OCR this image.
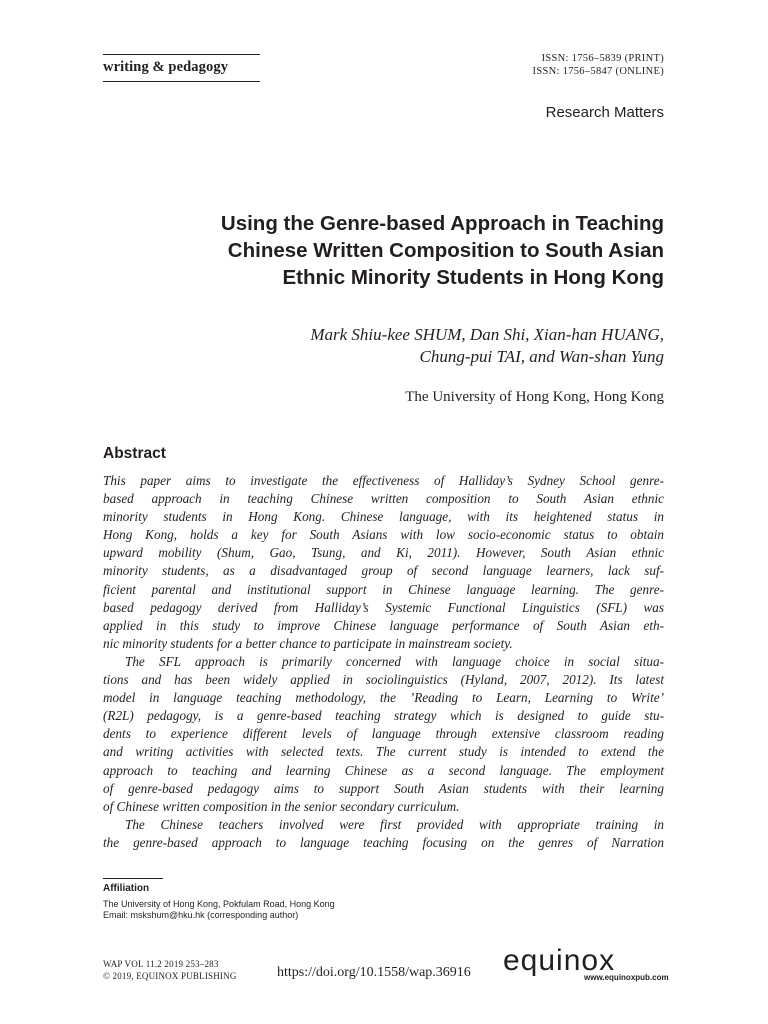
writing & pedagogy
ISSN: 1756–5839 (PRINT)
ISSN: 1756–5847 (ONLINE)
Research Matters
Using the Genre-based Approach in Teaching
Chinese Written Composition to South Asian
Ethnic Minority Students in Hong Kong
Mark Shiu-kee SHUM, Dan Shi, Xian-han HUANG,
Chung-pui TAI, and Wan-shan Yung
The University of Hong Kong, Hong Kong
Abstract
This paper aims to investigate the effectiveness of Halliday’s Sydney School genre-
based approach in teaching Chinese written composition to South Asian ethnic
minority students in Hong Kong. Chinese language, with its heightened status in
Hong Kong, holds a key for South Asians with low socio-economic status to obtain
upward mobility (Shum, Gao, Tsung, and Ki, 2011). However, South Asian ethnic
minority students, as a disadvantaged group of second language learners, lack suf-
ficient parental and institutional support in Chinese language learning. The genre-
based pedagogy derived from Halliday’s Systemic Functional Linguistics (SFL) was
applied in this study to improve Chinese language performance of South Asian eth-
nic minority students for a better chance to participate in mainstream society.
The SFL approach is primarily concerned with language choice in social situa-
tions and has been widely applied in sociolinguistics (Hyland, 2007, 2012). Its latest
model in language teaching methodology, the ’Reading to Learn, Learning to Write’
(R2L) pedagogy, is a genre-based teaching strategy which is designed to guide stu-
dents to experience different levels of language through extensive classroom reading
and writing activities with selected texts. The current study is intended to extend the
approach to teaching and learning Chinese as a second language. The employment
of genre-based pedagogy aims to support South Asian students with their learning
of Chinese written composition in the senior secondary curriculum.
The Chinese teachers involved were first provided with appropriate training in
the genre-based approach to language teaching focusing on the genres of Narration
Affiliation
The University of Hong Kong, Pokfulam Road, Hong Kong
Email: mskshum@hku.hk (corresponding author)
WAP VOL 11.2 2019 253–283
© 2019, EQUINOX PUBLISHING	https://doi.org/10.1558/wap.36916 equinox
www.equinoxpub.com
